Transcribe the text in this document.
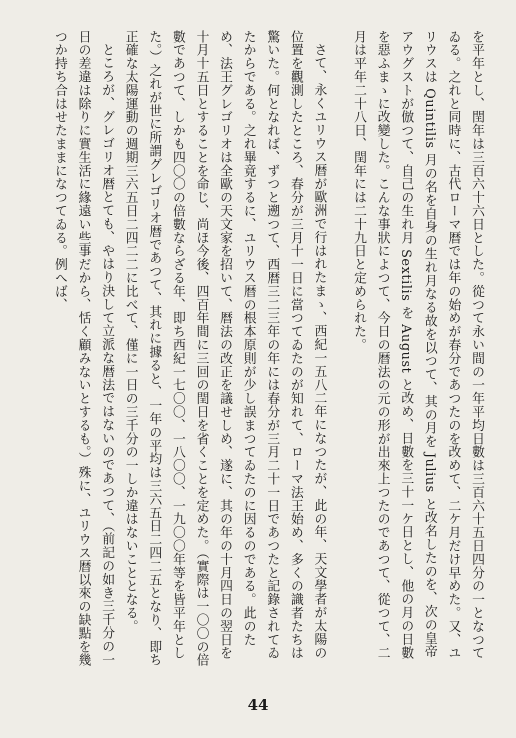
を平年とし、閏年は三百六十六日とした。從つて永い間の一年平均日數は三百六十五日四分の一となつてゐる。之れと同時に、古代ローマ暦では年の始めが春分であつたのを改めて、二ケ月だけ早めた。又、ユリウスは Quintilis 月の名を自身の生れ月なる故を以つて、其の月を Julius と改名したのを、次の皇帝アウグストが倣つて、自己の生れ月 Sextilis を August と改め、日數を三十一ケ日とし、他の月の日數を惡ふまゝに改變した。こんな事狀によつて、今日の暦法の元の形が出來上つたのであつて、從つて、二月は平年二十八日、閏年には二十九日と定められた。

さて、永くユリウス暦が歐洲で行はれたまゝ、西紀一五八二年になつたが、此の年、天文學者が太陽の位置を觀測したところ、春分が三月十一日に當つてゐたのが知れて、ローマ法王始め、多くの識者たちは驚いた。何となれば、ずつと遡つて、西暦三二三年の年には春分が三月二十一日であつたと記錄されてゐたからである。之れ畢竟するに、ユリウス暦の根本原則が少し誤まつてゐたのに因るのである。此のため、法王グレゴリオは全歐の天文家を招いて、暦法の改正を議せしめ、遂に、其の年の十月四日の翌日を十月十五日とすることを命じ、尚ほ今後、四百年間に三回の閏日を省くことを定めた。（實際は一〇〇の倍數であつて、しかも四〇〇の倍數ならざる年、即ち西紀一七〇〇、一八〇〇、一九〇〇年等を皆平年とした。）之れが世に所謂グレゴリオ暦であつて、其れに據ると、一年の平均は三六五日二四二五となり、即ち正確な太陽運動の週期三六五日二四二二に比べて、僅に一日の三千分の一しか違はないこととなる。

ところが、グレゴリオ暦とても、やはり決して立派な暦法ではないのであつて、（前記の如き三千分の一日の差違は除りに實生活に緣遠い些事だから、恬く顧みないとするも。）殊に、ユリウス暦以來の缺點を幾つか持ち合はせたままになつてゐる。例へば、

44
